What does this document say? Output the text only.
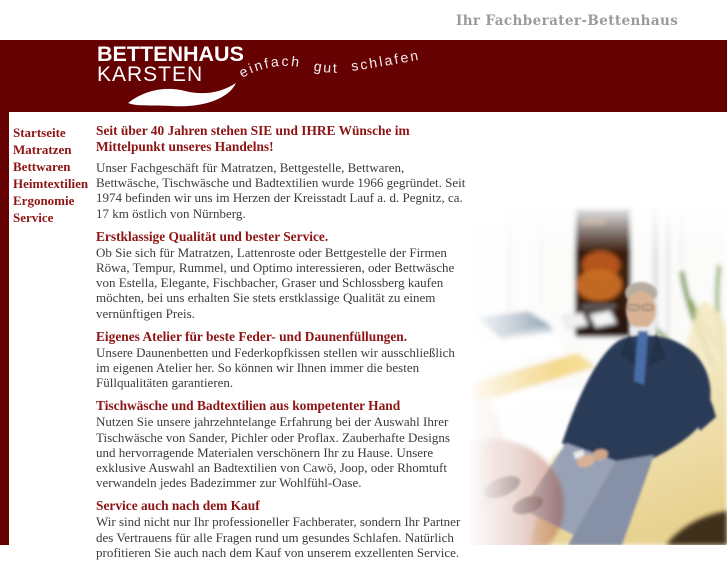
Ihr Fachberater-Bettenhaus
BETTENHAUS
KARSTEN einfach gut schlafen
Startseite
Matratzen
Bettwaren
Heimtextilien
Ergonomie
Service
Seit über 40 Jahren stehen SIE und IHRE Wünsche im Mittelpunkt unseres Handelns!

Unser Fachgeschäft für Matratzen, Bettgestelle, Bettwaren, Bettwäsche, Tischwäsche und Badtextilien wurde 1966 gegründet. Seit 1974 befinden wir uns im Herzen der Kreisstadt Lauf a. d. Pegnitz, ca. 17 km östlich von Nürnberg.

Erstklassige Qualität und bester Service.

Ob Sie sich für Matratzen, Lattenroste oder Bettgestelle der Firmen Röwa, Tempur, Rummel, und Optimo interessieren, oder Bettwäsche von Estella, Elegante, Fischbacher, Graser und Schlossberg kaufen möchten, bei uns erhalten Sie stets erstklassige Qualität zu einem vernünftigen Preis.

Eigenes Atelier für beste Feder- und Daunenfüllungen.

Unsere Daunenbetten und Federkopfkissen stellen wir ausschließlich im eigenen Atelier her. So können wir Ihnen immer die besten Füllqualitäten garantieren.

Tischwäsche und Badtextilien aus kompetenter Hand

Nutzen Sie unsere jahrzehntelange Erfahrung bei der Auswahl Ihrer Tischwäsche von Sander, Pichler oder Proflax. Zauberhafte Designs und hervorragende Materialen verschönern Ihr zu Hause. Unsere exklusive Auswahl an Badtextilien von Cawö, Joop, oder Rhomtuft verwandeln jedes Badezimmer zur Wohlfühl-Oase.

Service auch nach dem Kauf

Wir sind nicht nur Ihr professioneller Fachberater, sondern Ihr Partner des Vertrauens für alle Fragen rund um gesundes Schlafen. Natürlich profitieren Sie auch nach dem Kauf von unserem exzellenten Service.
